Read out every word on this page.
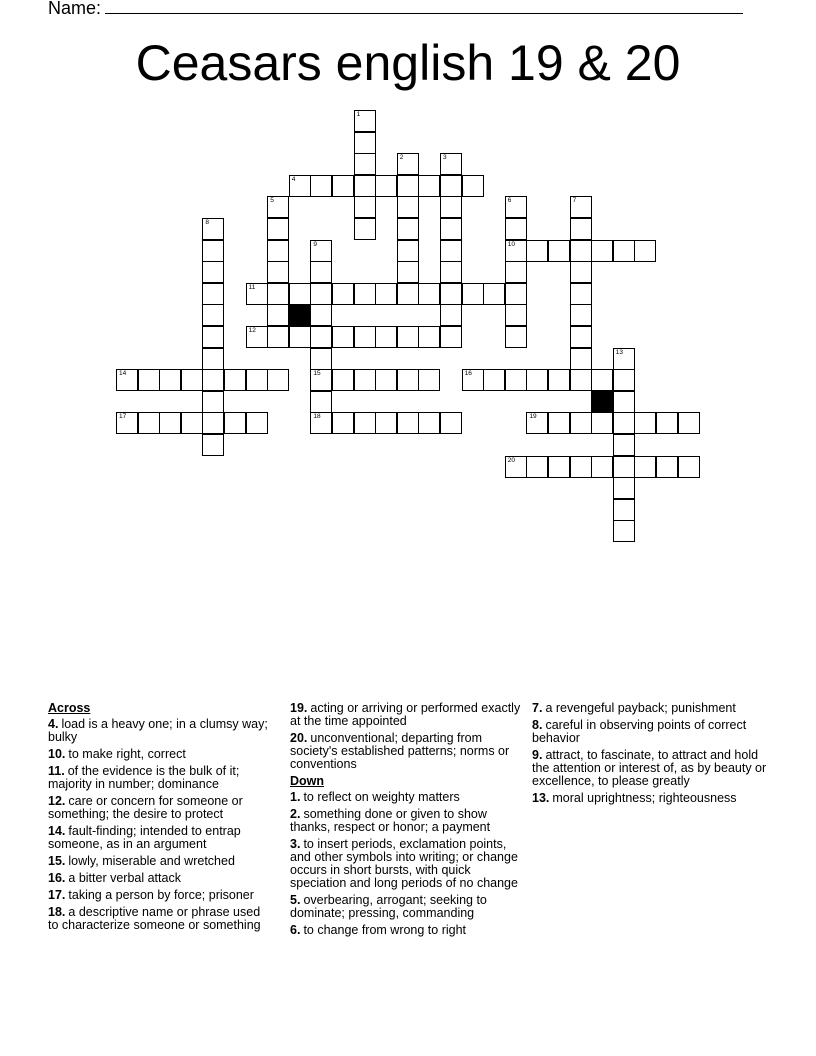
Name:
Ceasars english 19 & 20
1
2	3
4
5	6
10
7
8
9
15
18
11
12
13
14	16
17	19
20
Across
4. load is a heavy one; in a clumsy way; bulky
10. to make right, correct
11. of the evidence is the bulk of it; majority in number; dominance
12. care or concern for someone or something; the desire to protect
14. fault-finding; intended to entrap someone, as in an argument
15. lowly, miserable and wretched
16. a bitter verbal attack
17. taking a person by force; prisoner
18. a descriptive name or phrase used to characterize someone or something
19. acting or arriving or performed exactly at the time appointed
20. unconventional; departing from society's established patterns; norms or conventions
Down
1. to reflect on weighty matters
2. something done or given to show thanks, respect or honor; a payment
3. to insert periods, exclamation points, and other symbols into writing; or change occurs in short bursts, with quick speciation and long periods of no change
5. overbearing, arrogant; seeking to dominate; pressing, commanding
6. to change from wrong to right
7. a revengeful payback; punishment
8. careful in observing points of correct behavior
9. attract, to fascinate, to attract and hold the attention or interest of, as by beauty or excellence, to please greatly
13. moral uprightness; righteousness
